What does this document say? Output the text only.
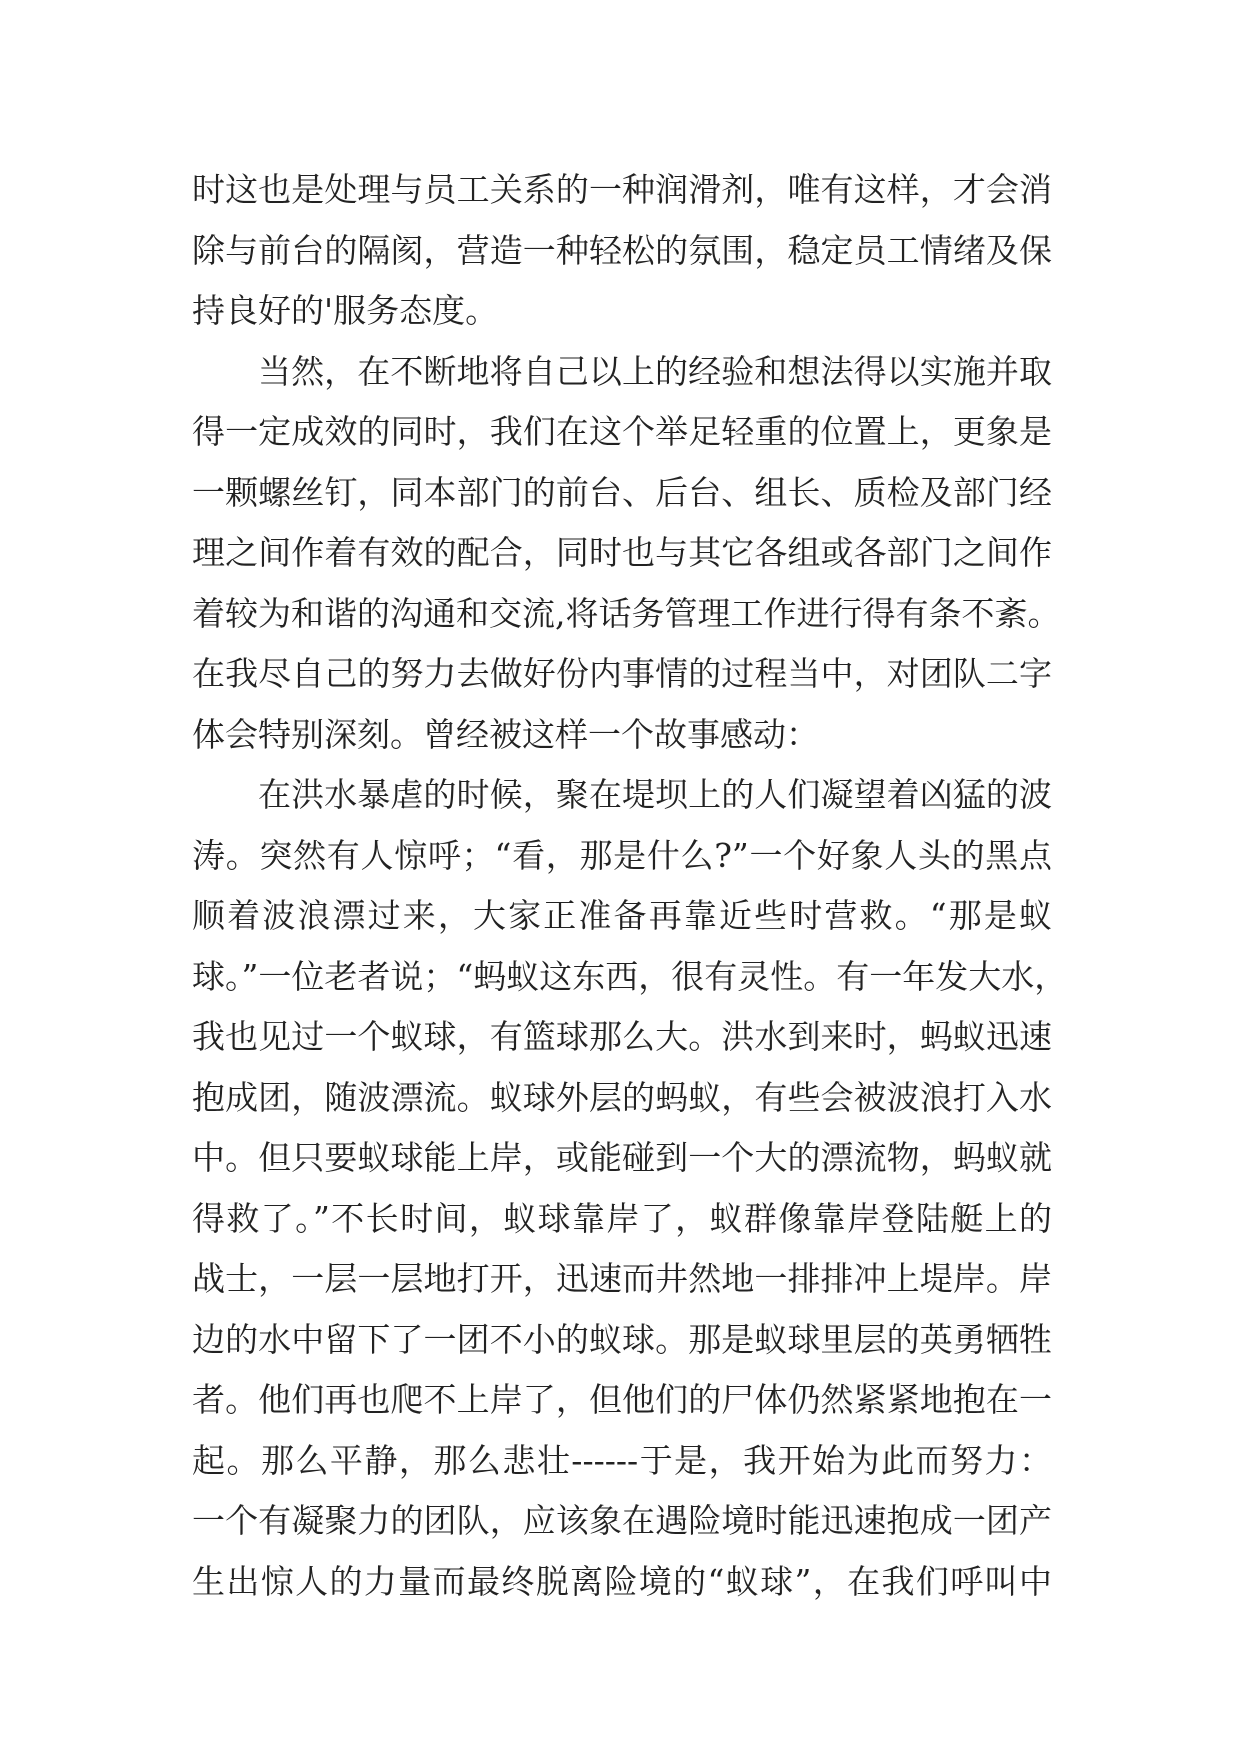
时这也是处理与员工关系的一种润滑剂，唯有这样，才会消
除与前台的隔阂，营造一种轻松的氛围，稳定员工情绪及保
持良好的'服务态度。
当然，在不断地将自己以上的经验和想法得以实施并取
得一定成效的同时，我们在这个举足轻重的位置上，更象是
一颗螺丝钉，同本部门的前台、后台、组长、质检及部门经
理之间作着有效的配合，同时也与其它各组或各部门之间作
着较为和谐的沟通和交流,将话务管理工作进行得有条不紊。
在我尽自己的努力去做好份内事情的过程当中，对团队二字
体会特别深刻。曾经被这样一个故事感动：
在洪水暴虐的时候，聚在堤坝上的人们凝望着凶猛的波
涛。突然有人惊呼；“看，那是什么?”一个好象人头的黑点
顺着波浪漂过来，大家正准备再靠近些时营救。“那是蚁
球。”一位老者说；“蚂蚁这东西，很有灵性。有一年发大水，
我也见过一个蚁球，有篮球那么大。洪水到来时，蚂蚁迅速
抱成团，随波漂流。蚁球外层的蚂蚁，有些会被波浪打入水
中。但只要蚁球能上岸，或能碰到一个大的漂流物，蚂蚁就
得救了。”不长时间，蚁球靠岸了，蚁群像靠岸登陆艇上的
战士，一层一层地打开，迅速而井然地一排排冲上堤岸。岸
边的水中留下了一团不小的蚁球。那是蚁球里层的英勇牺牲
者。他们再也爬不上岸了，但他们的尸体仍然紧紧地抱在一
起。那么平静，那么悲壮------于是，我开始为此而努力：
一个有凝聚力的团队，应该象在遇险境时能迅速抱成一团产
生出惊人的力量而最终脱离险境的“蚁球”，在我们呼叫中
